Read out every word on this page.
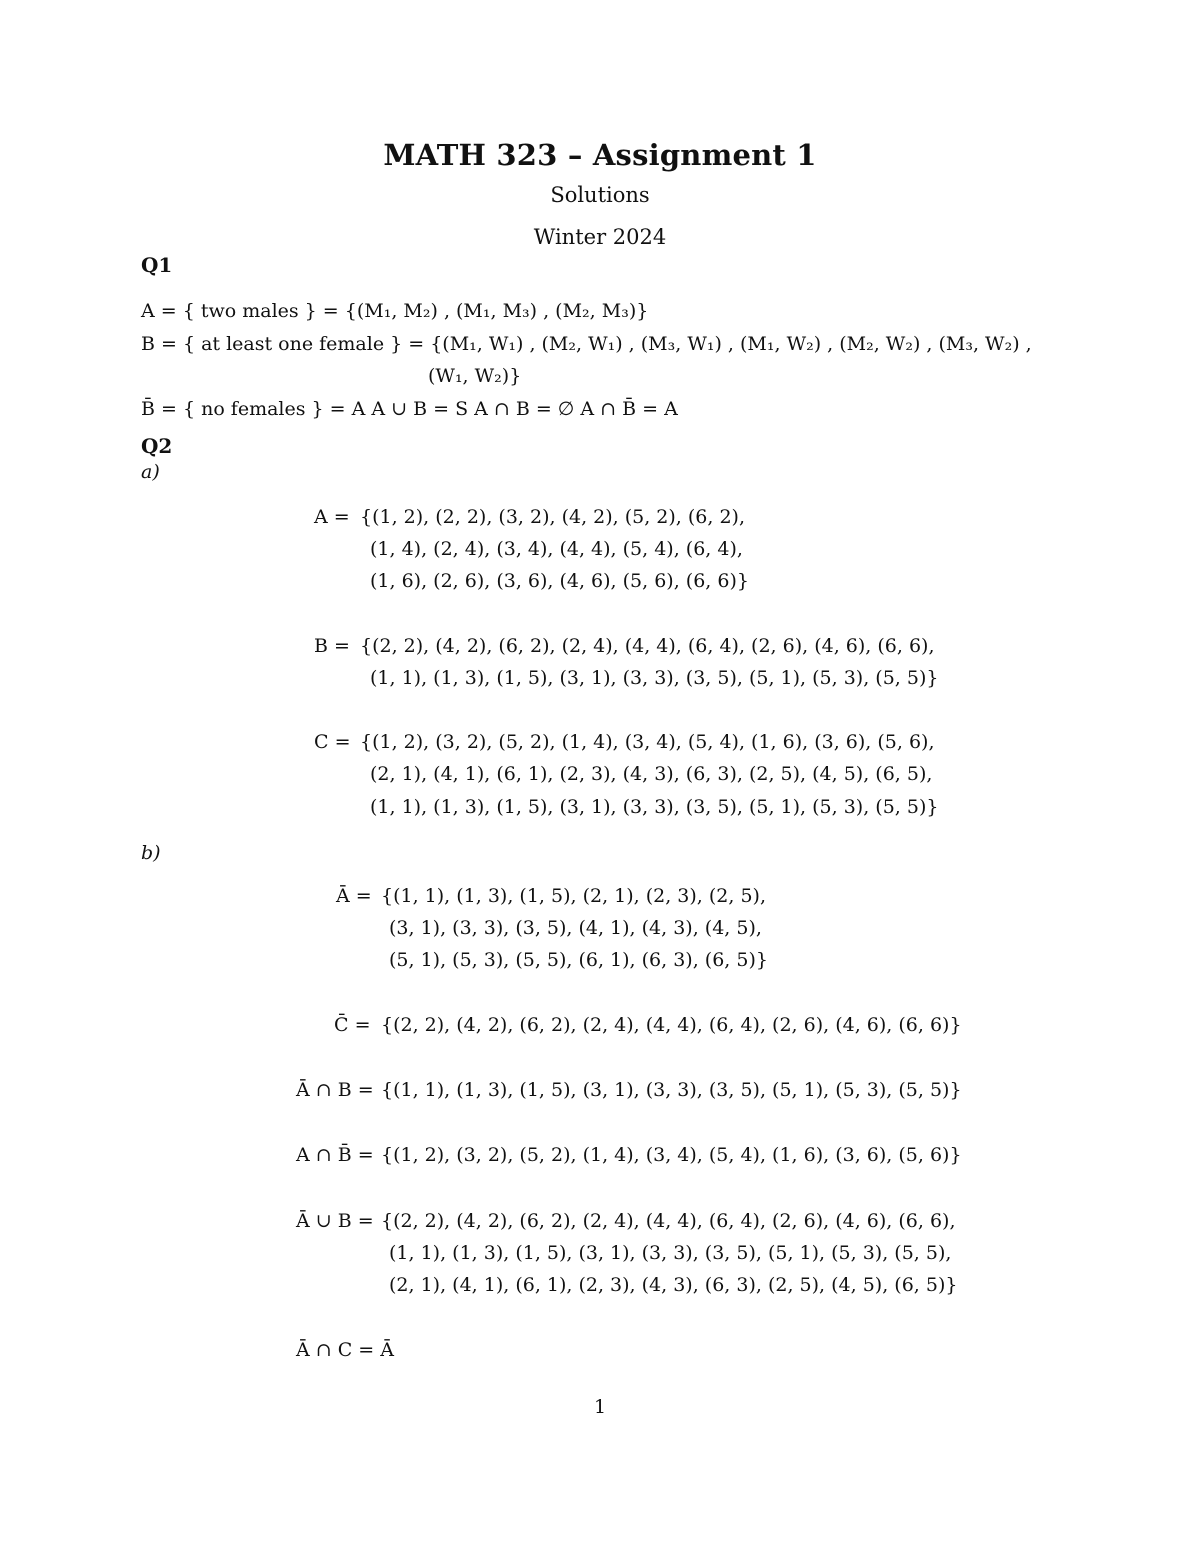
MATH 323 – Assignment 1
Solutions
Winter 2024
Q1
A = { two males } = {(M₁, M₂) , (M₁, M₃) , (M₂, M₃)}
B = { at least one female } = {(M₁, W₁) , (M₂, W₁) , (M₃, W₁) , (M₁, W₂) , (M₂, W₂) , (M₃, W₂) ,
(W₁, W₂)}
B̄ = { no females } = A A ∪ B = S A ∩ B = ∅ A ∩ B̄ = A
Q2
a)
A = {(1, 2), (2, 2), (3, 2), (4, 2), (5, 2), (6, 2),
(1, 4), (2, 4), (3, 4), (4, 4), (5, 4), (6, 4),
(1, 6), (2, 6), (3, 6), (4, 6), (5, 6), (6, 6)}
B = {(2, 2), (4, 2), (6, 2), (2, 4), (4, 4), (6, 4), (2, 6), (4, 6), (6, 6),
(1, 1), (1, 3), (1, 5), (3, 1), (3, 3), (3, 5), (5, 1), (5, 3), (5, 5)}
C = {(1, 2), (3, 2), (5, 2), (1, 4), (3, 4), (5, 4), (1, 6), (3, 6), (5, 6),
(2, 1), (4, 1), (6, 1), (2, 3), (4, 3), (6, 3), (2, 5), (4, 5), (6, 5),
(1, 1), (1, 3), (1, 5), (3, 1), (3, 3), (3, 5), (5, 1), (5, 3), (5, 5)}
b)
Ā = {(1, 1), (1, 3), (1, 5), (2, 1), (2, 3), (2, 5),
(3, 1), (3, 3), (3, 5), (4, 1), (4, 3), (4, 5),
(5, 1), (5, 3), (5, 5), (6, 1), (6, 3), (6, 5)}
C̄ = {(2, 2), (4, 2), (6, 2), (2, 4), (4, 4), (6, 4), (2, 6), (4, 6), (6, 6)}
Ā ∩ B = {(1, 1), (1, 3), (1, 5), (3, 1), (3, 3), (3, 5), (5, 1), (5, 3), (5, 5)}
A ∩ B̄ = {(1, 2), (3, 2), (5, 2), (1, 4), (3, 4), (5, 4), (1, 6), (3, 6), (5, 6)}
Ā ∪ B = {(2, 2), (4, 2), (6, 2), (2, 4), (4, 4), (6, 4), (2, 6), (4, 6), (6, 6),
(1, 1), (1, 3), (1, 5), (3, 1), (3, 3), (3, 5), (5, 1), (5, 3), (5, 5),
(2, 1), (4, 1), (6, 1), (2, 3), (4, 3), (6, 3), (2, 5), (4, 5), (6, 5)}
Ā ∩ C = Ā
1
